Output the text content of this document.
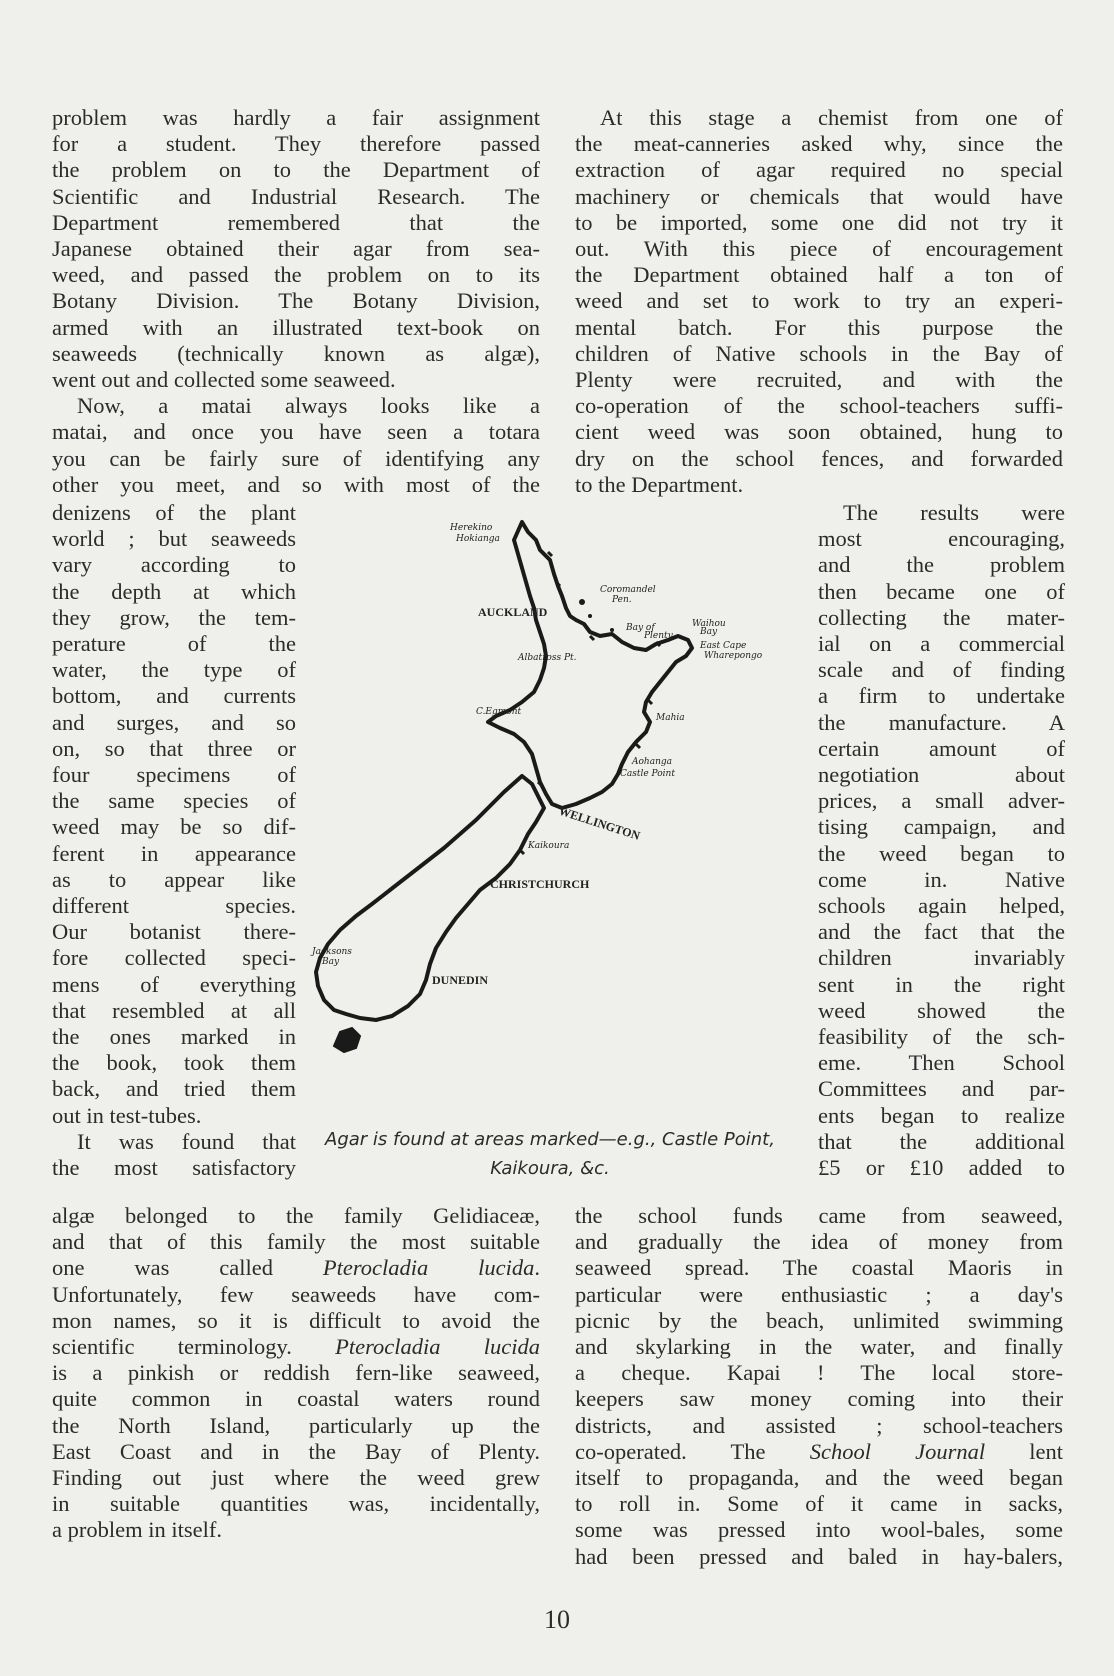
problem was hardly a fair assignment
for a student. They therefore passed
the problem on to the Department of
Scientific and Industrial Research. The
Department remembered that the
Japanese obtained their agar from sea-
weed, and passed the problem on to its
Botany Division. The Botany Division,
armed with an illustrated text-book on
seaweeds (technically known as algæ),
went out and collected some seaweed.
Now, a matai always looks like a
matai, and once you have seen a totara
you can be fairly sure of identifying any
other you meet, and so with most of the
At this stage a chemist from one of
the meat-canneries asked why, since the
extraction of agar required no special
machinery or chemicals that would have
to be imported, some one did not try it
out. With this piece of encouragement
the Department obtained half a ton of
weed and set to work to try an experi-
mental batch. For this purpose the
children of Native schools in the Bay of
Plenty were recruited, and with the
co-operation of the school-teachers suffi-
cient weed was soon obtained, hung to
dry on the school fences, and forwarded
to the Department.
denizens of the plant
world ; but seaweeds
vary according to
the depth at which
they grow, the tem-
perature of the
water, the type of
bottom, and currents
and surges, and so
on, so that three or
four specimens of
the same species of
weed may be so dif-
ferent in appearance
as to appear like
different species.
Our botanist there-
fore collected speci-
mens of everything
that resembled at all
the ones marked in
the book, took them
back, and tried them
out in test-tubes.
It was found that
the most satisfactory
The results were
most encouraging,
and the problem
then became one of
collecting the mater-
ial on a commercial
scale and of finding
a firm to undertake
the manufacture. A
certain amount of
negotiation about
prices, a small adver-
tising campaign, and
the weed began to
come in. Native
schools again helped,
and the fact that the
children invariably
sent in the right
weed showed the
feasibility of the sch-
eme. Then School
Committees and par-
ents began to realize
that the additional
£5 or £10 added to
algæ belonged to the family Gelidiaceæ,
and that of this family the most suitable
one was called Pterocladia lucida.
Unfortunately, few seaweeds have com-
mon names, so it is difficult to avoid the
scientific terminology. Pterocladia lucida
is a pinkish or reddish fern-like seaweed,
quite common in coastal waters round
the North Island, particularly up the
East Coast and in the Bay of Plenty.
Finding out just where the weed grew
in suitable quantities was, incidentally,
a problem in itself.
the school funds came from seaweed,
and gradually the idea of money from
seaweed spread. The coastal Maoris in
particular were enthusiastic ; a day's
picnic by the beach, unlimited swimming
and skylarking in the water, and finally
a cheque. Kapai ! The local store-
keepers saw money coming into their
districts, and assisted ; school-teachers
co-operated. The School Journal lent
itself to propaganda, and the weed began
to roll in. Some of it came in sacks,
some was pressed into wool-bales, some
had been pressed and baled in hay-balers,
Herekino
Hokianga
Coromandel
Pen.
AUCKLAND
Waihou
Bay
Bay of
Plenty
East Cape
Wharepongo
Albatross Pt.
C.Egmont
Mahia
Aohanga
Castle Point
WELLINGTON
Kaikoura
CHRISTCHURCH
Jacksons
Bay
DUNEDIN
Agar is found at areas marked—e.g., Castle Point,
Kaikoura, &c.
10
